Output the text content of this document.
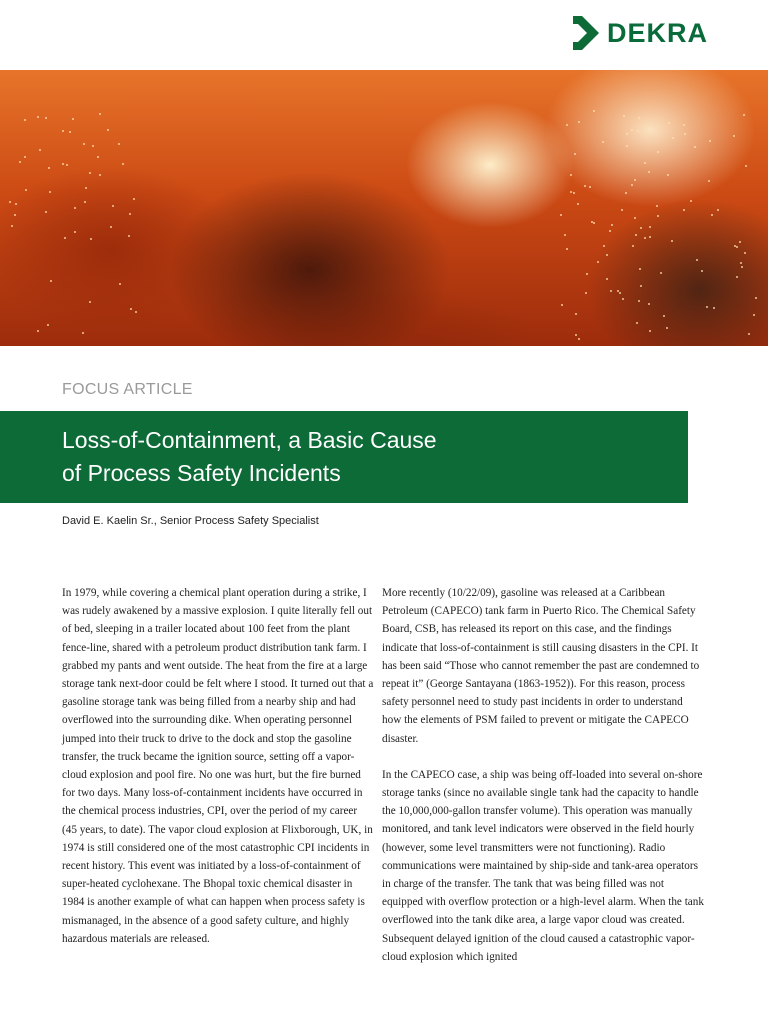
DEKRA
FOCUS ARTICLE
Loss-of-Containment, a Basic Cause
of Process Safety Incidents
David E. Kaelin Sr., Senior Process Safety Specialist

In 1979, while covering a chemical plant operation during a strike, I was rudely awakened by a massive explosion. I quite literally fell out of bed, sleeping in a trailer located about 100 feet from the plant fence-line, shared with a petroleum product distribution tank farm. I grabbed my pants and went outside. The heat from the fire at a large storage tank next-door could be felt where I stood. It turned out that a gasoline storage tank was being filled from a nearby ship and had overflowed into the surrounding dike. When operating personnel jumped into their truck to drive to the dock and stop the gasoline transfer, the truck became the ignition source, setting off a vapor-cloud explosion and pool fire. No one was hurt, but the fire burned for two days. Many loss-of-containment incidents have occurred in the chemical process industries, CPI, over the period of my career (45 years, to date). The vapor cloud explosion at Flixborough, UK, in 1974 is still considered one of the most catastrophic CPI incidents in recent history. This event was initiated by a loss-of-containment of super-heated cyclohexane. The Bhopal toxic chemical disaster in 1984 is another example of what can happen when process safety is mismanaged, in the absence of a good safety culture, and highly hazardous materials are released.

More recently (10/22/09), gasoline was released at a Caribbean Petroleum (CAPECO) tank farm in Puerto Rico. The Chemical Safety Board, CSB, has released its report on this case, and the findings indicate that loss-of-containment is still causing disasters in the CPI. It has been said “Those who cannot remember the past are condemned to repeat it” (George Santayana (1863-1952)). For this reason, process safety personnel need to study past incidents in order to understand how the elements of PSM failed to prevent or mitigate the CAPECO disaster.

In the CAPECO case, a ship was being off-loaded into several on-shore storage tanks (since no available single tank had the capacity to handle the 10,000,000-gallon transfer volume). This operation was manually monitored, and tank level indicators were observed in the field hourly (however, some level transmitters were not functioning). Radio communications were maintained by ship-side and tank-area operators in charge of the transfer. The tank that was being filled was not equipped with overflow protection or a high-level alarm. When the tank overflowed into the tank dike area, a large vapor cloud was created. Subsequent delayed ignition of the cloud caused a catastrophic vapor-cloud explosion which ignited
